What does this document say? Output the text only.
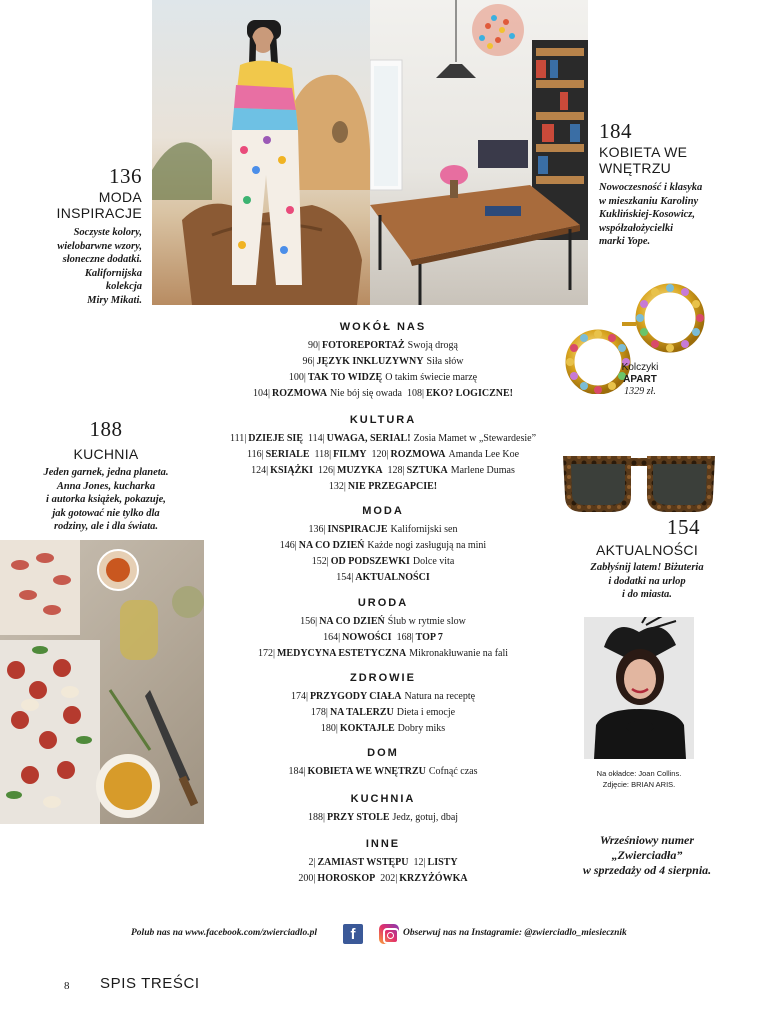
136
MODA
INSPIRACJE
Soczyste kolory,
wielobarwne wzory,
słoneczne dodatki.
Kalifornijska
kolekcja
Miry Mikati.
184
KOBIETA WE
WNĘTRZU
Nowoczesność i klasyka
w mieszkaniu Karoliny
Kuklińskiej-Kosowicz,
współzałożycielki
marki Yope.
188
KUCHNIA
Jeden garnek, jedna planeta.
Anna Jones, kucharka
i autorka książek, pokazuje,
jak gotować nie tylko dla
rodziny, ale i dla świata.
Kolczyki
APART
1329 zł.
154
AKTUALNOŚCI
Zabłyśnij latem! Biżuteria
i dodatki na urlop
i do miasta.
Na okładce: Joan Collins.
Zdjęcie: BRIAN ARIS.
Wrześniowy numer
„Zwierciadła”
w sprzedaży od 4 sierpnia.
WOKÓŁ NAS
90| FOTOREPORTAŻ Swoją drogą
96| JĘZYK INKLUZYWNY Siła słów
100| TAK TO WIDZĘ O takim świecie marzę
104| ROZMOWA Nie bój się owada 108| EKO? LOGICZNE!
KULTURA
111| DZIEJE SIĘ 114| UWAGA, SERIAL! Zosia Mamet w „Stewardesie”
116| SERIALE 118| FILMY 120| ROZMOWA Amanda Lee Koe
124| KSIĄŻKI 126| MUZYKA 128| SZTUKA Marlene Dumas
132| NIE PRZEGAPCIE!
MODA
136| INSPIRACJE Kalifornijski sen
146| NA CO DZIEŃ Każde nogi zasługują na mini
152| OD PODSZEWKI Dolce vita
154| AKTUALNOŚCI
URODA
156| NA CO DZIEŃ Ślub w rytmie slow
164| NOWOŚCI 168| TOP 7
172| MEDYCYNA ESTETYCZNA Mikronakłuwanie na fali
ZDROWIE
174| PRZYGODY CIAŁA Natura na receptę
178| NA TALERZU Dieta i emocje
180| KOKTAJLE Dobry miks
DOM
184| KOBIETA WE WNĘTRZU Cofnąć czas
KUCHNIA
188| PRZY STOLE Jedz, gotuj, dbaj
INNE
2| ZAMIAST WSTĘPU 12| LISTY
200| HOROSKOP 202| KRZYŻÓWKA
Polub nas na www.facebook.com/zwierciadlo.pl	f	Obserwuj nas na Instagramie: @zwierciadlo_miesiecznik
8 SPIS TREŚCI
